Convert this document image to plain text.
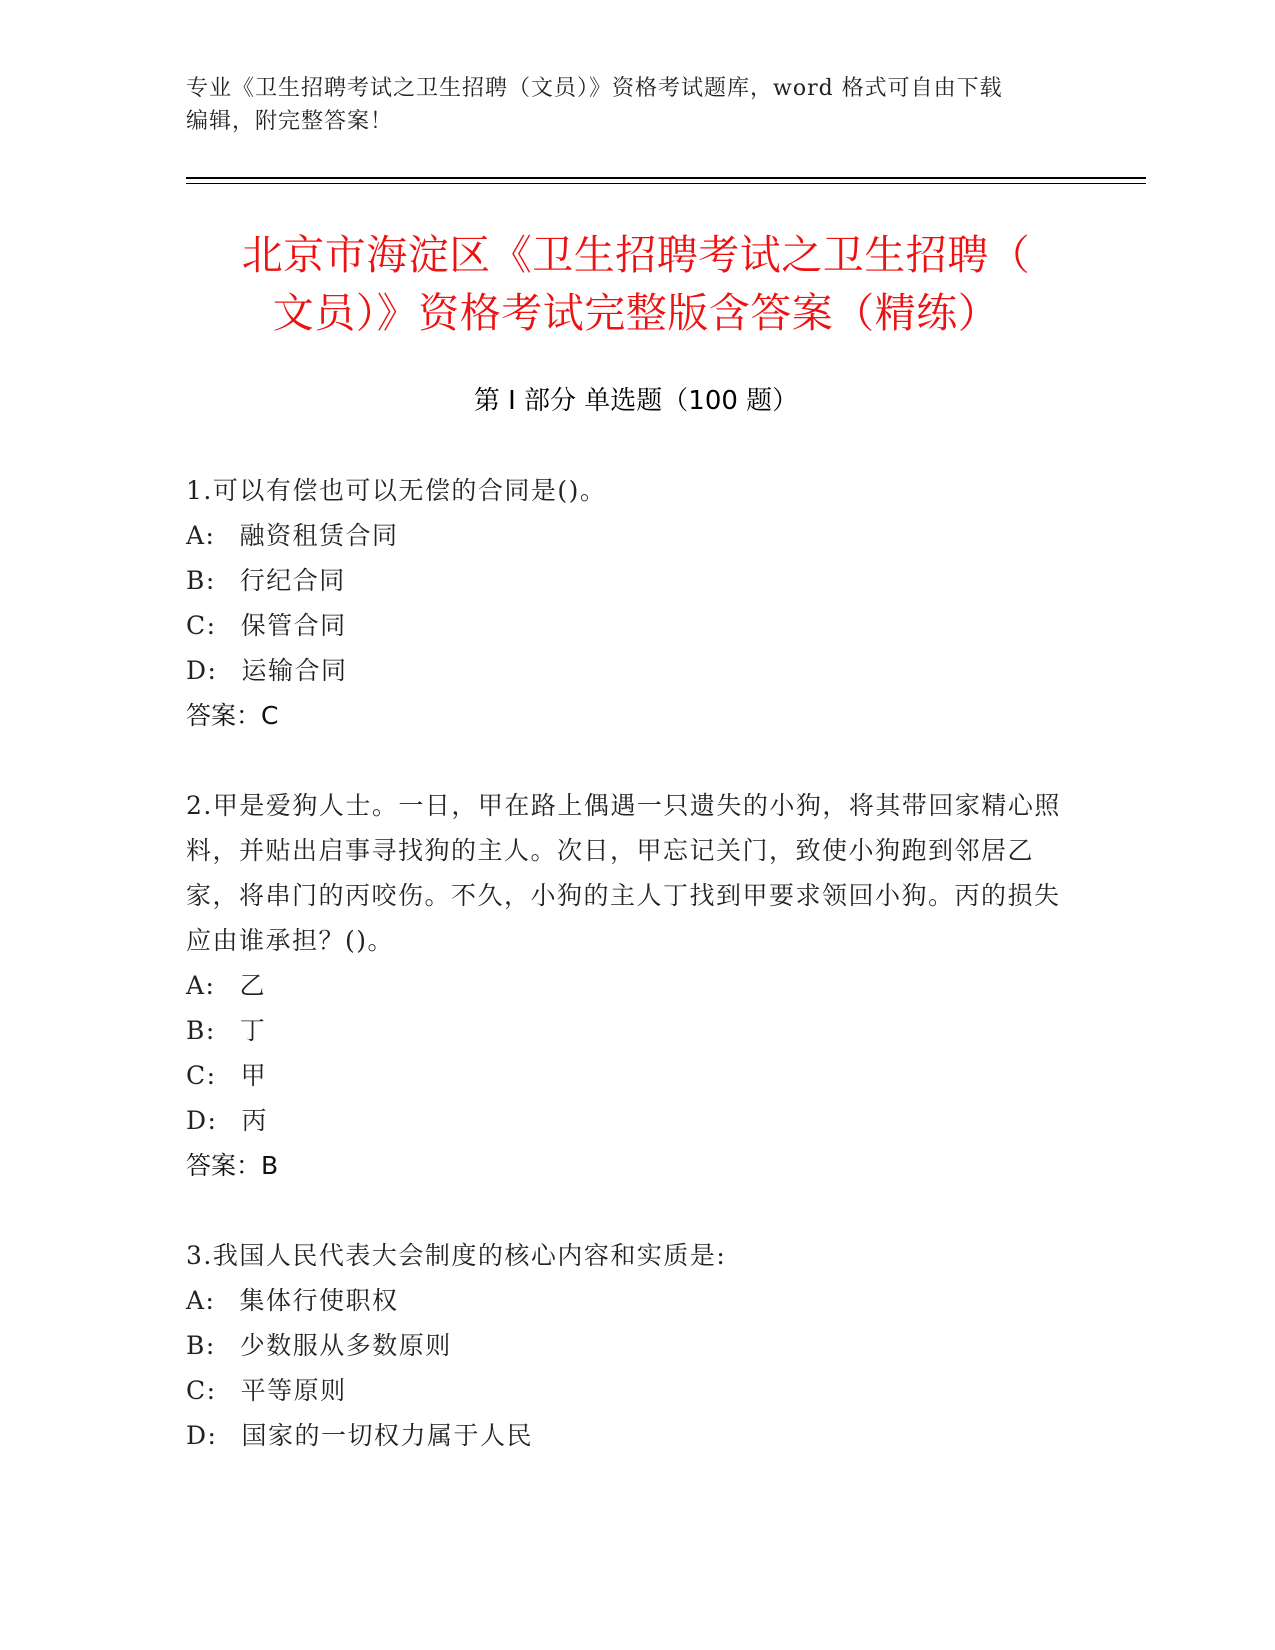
专业《卫生招聘考试之卫生招聘（文员）》资格考试题库，word 格式可自由下载
编辑，附完整答案！
北京市海淀区《卫生招聘考试之卫生招聘（
文员）》资格考试完整版含答案（精练）
第 I 部分 单选题（100 题）

1.可以有偿也可以无偿的合同是()。

A: 融资租赁合同

B: 行纪合同

C: 保管合同

D: 运输合同

答案：C

2.甲是爱狗人士。一日，甲在路上偶遇一只遗失的小狗，将其带回家精心照料，并贴出启事寻找狗的主人。次日，甲忘记关门，致使小狗跑到邻居乙家，将串门的丙咬伤。不久，小狗的主人丁找到甲要求领回小狗。丙的损失应由谁承担？()。

A: 乙

B: 丁

C: 甲

D: 丙

答案：B

3.我国人民代表大会制度的核心内容和实质是:

A: 集体行使职权

B: 少数服从多数原则

C: 平等原则

D: 国家的一切权力属于人民
